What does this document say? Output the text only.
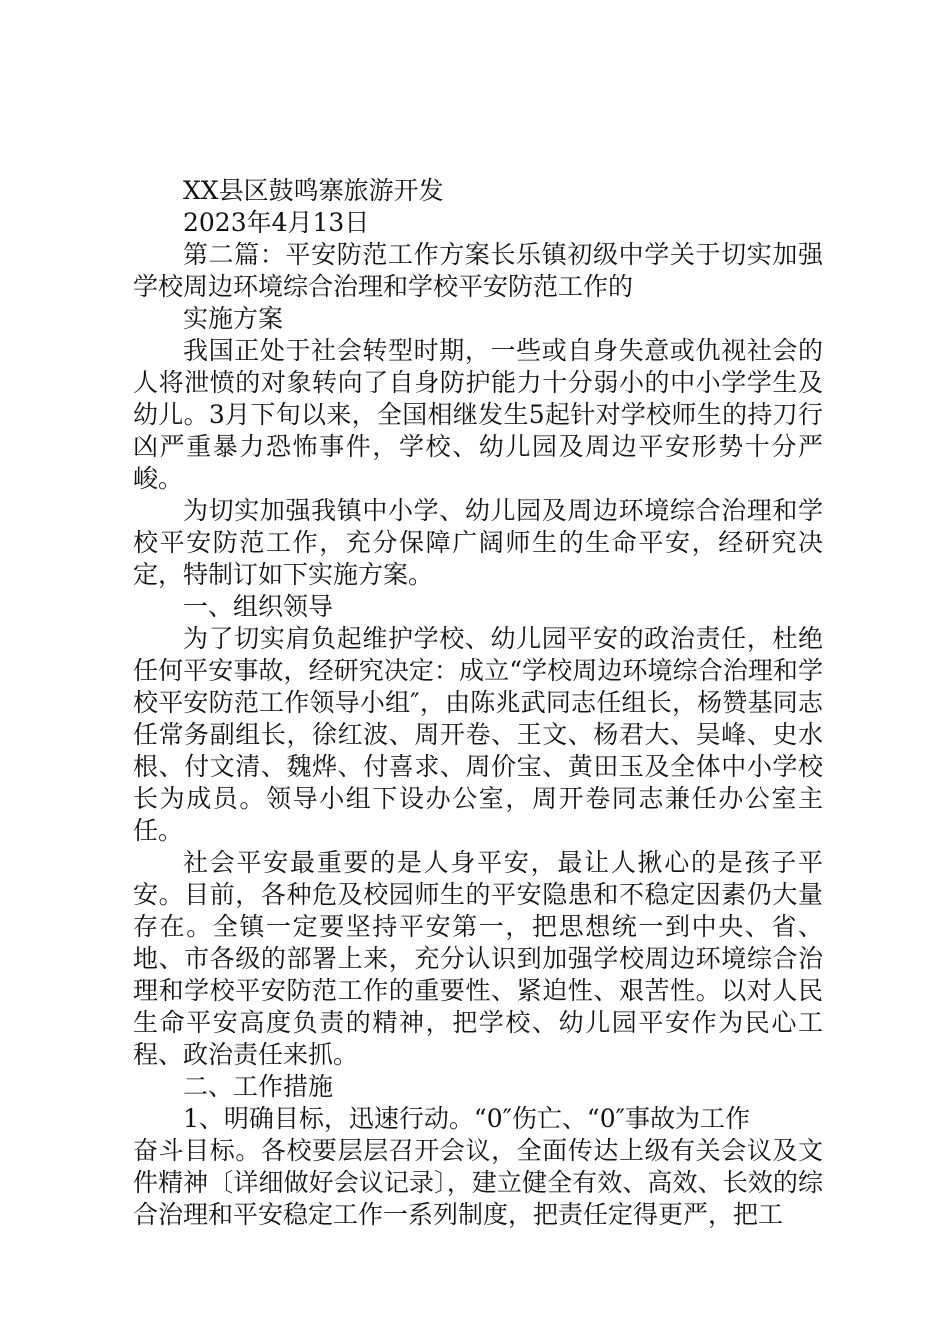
XX县区鼓鸣寨旅游开发

2023年4月13日

第二篇：平安防范工作方案长乐镇初级中学关于切实加强学校周边环境综合治理和学校平安防范工作的

实施方案

我国正处于社会转型时期，一些或自身失意或仇视社会的人将泄愤的对象转向了自身防护能力十分弱小的中小学学生及幼儿。3月下旬以来，全国相继发生5起针对学校师生的持刀行凶严重暴力恐怖事件，学校、幼儿园及周边平安形势十分严峻。

为切实加强我镇中小学、幼儿园及周边环境综合治理和学校平安防范工作，充分保障广阔师生的生命平安，经研究决定，特制订如下实施方案。

一、组织领导

为了切实肩负起维护学校、幼儿园平安的政治责任，杜绝任何平安事故，经研究决定：成立“学校周边环境综合治理和学校平安防范工作领导小组″，由陈兆武同志任组长，杨赞基同志任常务副组长，徐红波、周开卷、王文、杨君大、吴峰、史水根、付文清、魏烨、付喜求、周价宝、黄田玉及全体中小学校长为成员。领导小组下设办公室，周开卷同志兼任办公室主任。

社会平安最重要的是人身平安，最让人揪心的是孩子平安。目前，各种危及校园师生的平安隐患和不稳定因素仍大量存在。全镇一定要坚持平安第一，把思想统一到中央、省、地、市各级的部署上来，充分认识到加强学校周边环境综合治理和学校平安防范工作的重要性、紧迫性、艰苦性。以对人民生命平安高度负责的精神，把学校、幼儿园平安作为民心工程、政治责任来抓。

二、工作措施

1、明确目标，迅速行动。“0″伤亡、“0″事故为工作

奋斗目标。各校要层层召开会议，全面传达上级有关会议及文件精神〔详细做好会议记录〕，建立健全有效、高效、长效的综合治理和平安稳定工作一系列制度，把责任定得更严，把工
